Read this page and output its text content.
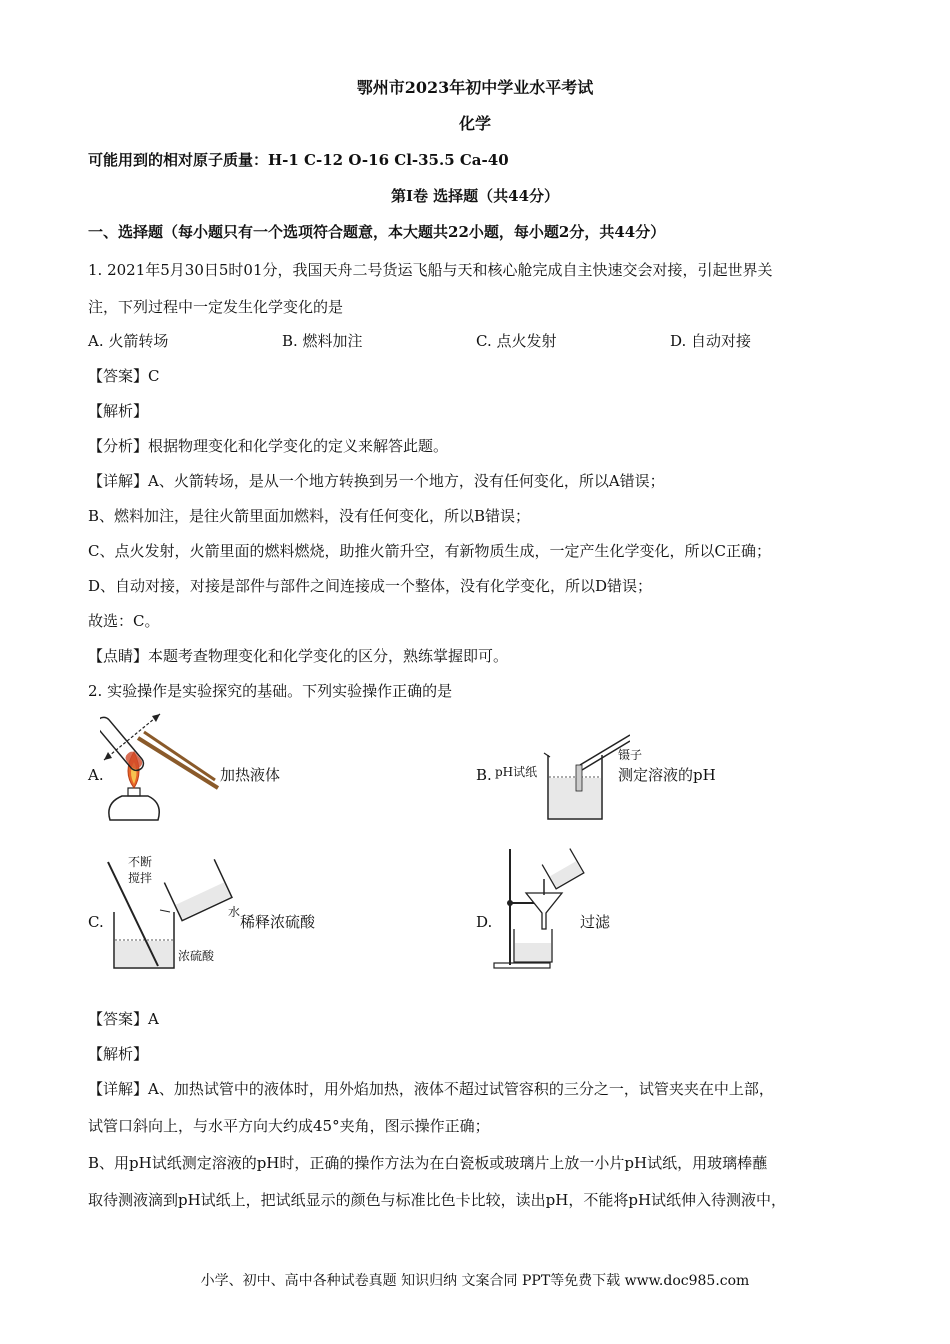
鄂州市2023年初中学业水平考试
化学
可能用到的相对原子质量：H-1 C-12 O-16 Cl-35.5 Ca-40
第Ⅰ卷 选择题（共44分）
一、选择题（每小题只有一个选项符合题意，本大题共22小题，每小题2分，共44分）
1. 2021年5月30日5时01分，我国天舟二号货运飞船与天和核心舱完成自主快速交会对接，引起世界关
注，下列过程中一定发生化学变化的是
A. 火箭转场	B. 燃料加注	C. 点火发射	D. 自动对接
【答案】C
【解析】
【分析】根据物理变化和化学变化的定义来解答此题。
【详解】A、火箭转场，是从一个地方转换到另一个地方，没有任何变化，所以A错误；
B、燃料加注，是往火箭里面加燃料，没有任何变化，所以B错误；
C、点火发射，火箭里面的燃料燃烧，助推火箭升空，有新物质生成，一定产生化学变化，所以C正确；
D、自动对接，对接是部件与部件之间连接成一个整体，没有化学变化，所以D错误；
故选：C。
【点睛】本题考查物理变化和化学变化的区分，熟练掌握即可。
2. 实验操作是实验探究的基础。下列实验操作正确的是
A.	加热液体	B. pH试纸
镊子
测定溶液的pH
C.
不断
搅拌
水
浓硫酸
稀释浓硫酸	D.	过滤
【答案】A
【解析】
【详解】A、加热试管中的液体时，用外焰加热，液体不超过试管容积的三分之一，试管夹夹在中上部，
试管口斜向上，与水平方向大约成45°夹角，图示操作正确；
B、用pH试纸测定溶液的pH时，正确的操作方法为在白瓷板或玻璃片上放一小片pH试纸，用玻璃棒蘸
取待测液滴到pH试纸上，把试纸显示的颜色与标准比色卡比较，读出pH，不能将pH试纸伸入待测液中，
小学、初中、高中各种试卷真题 知识归纳 文案合同 PPT等免费下载 www.doc985.com
